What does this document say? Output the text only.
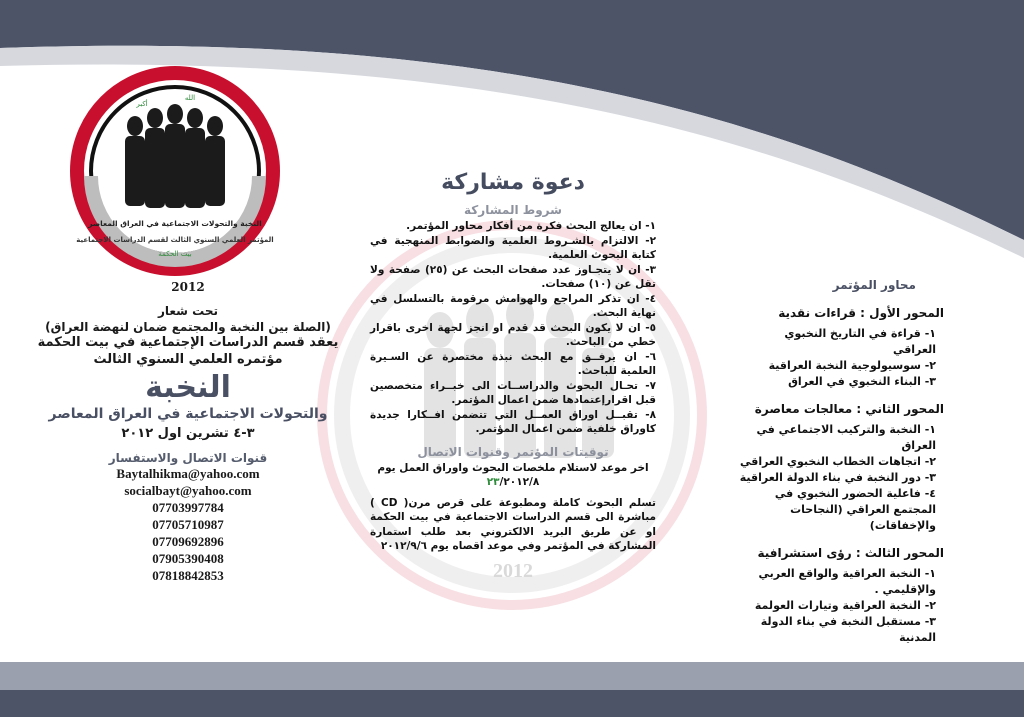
الله
أكبر
النخبة والتحولات الاجتماعية في العراق المعاصر
المؤتمر العلمي السنوي الثالث لقسم الدراسات الاجتماعية
بيت الحكمة
2012
تحت شعار
(الصلة بين النخبة والمجتمع ضمان لنهضة العراق)
يعقد قسم الدراسات الإجتماعية في بيت الحكمة
مؤتمره العلمي السنوي الثالث
النخبة
والتحولات الاجتماعية في العراق المعاصر
٣-٤ تشرين اول ٢٠١٢
قنوات الاتصال والاستفسار
Baytalhikma@yahoo.com
socialbayt@yahoo.com
07703997784
07705710987
07709692896
07905390408
07818842853
دعوة مشاركة
شروط المشاركة
١- ان يعالج البحث فكرة من أفكار محاور المؤتمر.
٢- الالتزام بالشـروط العلمية والضوابط المنهجية في كتابة البحوث العلمية.
٣- ان لا يتجـاوز عدد صفحات البحث عن (٢٥) صفحة ولا تقل عن (١٠) صفحات.
٤- ان تذكر المراجع والهوامش مرقومة بالتسلسل في نهاية البحث.
٥- ان لا يكون البحث قد قدم او انجز لجهة اخرى باقرار خطي من الباحث.
٦- ان يرفــق مع البحث نبذة مختصرة عن السـيرة العلمية للباحث.
٧- تحـال البحوث والدراســات الى خبــراء متخصصين قبل اقرارإعتمادها ضمن اعمال المؤتمر.
٨- تقبــل اوراق العمــل التي تتضمن افــكارا جديدة كاوراق خلفية ضمن اعمال المؤتمر.
توقيتات المؤتمر وقنوات الاتصال
اخر موعد لاستلام ملخصات البحوث واوراق العمل يوم
٢٣/٢٠١٢/٨
تسلم البحوث كاملة ومطبوعة على قرص مرن( CD ) مباشرة الى قسم الدراسات الاجتماعية في بيت الحكمة او عن طريق البريد الالكتروني بعد طلب استمارة المشاركة في المؤتمر وفي موعد اقصاه يوم ٢٠١٢/٩/٦
2012
محاور المؤتمر
المحور الأول : قراءات نقدية
١- قراءة في التاريخ النخبوي العراقي
٢- سوسيولوجية النخبة العراقية
٣- البناء النخبوي في العراق
المحور الثاني : معالجات معاصرة
١- النخبة والتركيب الاجتماعي في العراق
٢- اتجاهات الخطاب النخبوي العراقي
٣- دور النخبة في بناء الدولة العراقية
٤- فاعلية الحضور النخبوي في المجتمع العراقي (النجاحات والإخفاقات)
المحور الثالث : رؤى استشرافية
١- النخبة العراقية والواقع العربي والإقليمي .
٢- النخبة العراقية وتيارات العولمة
٣- مستقبل النخبة في بناء الدولة المدنية
